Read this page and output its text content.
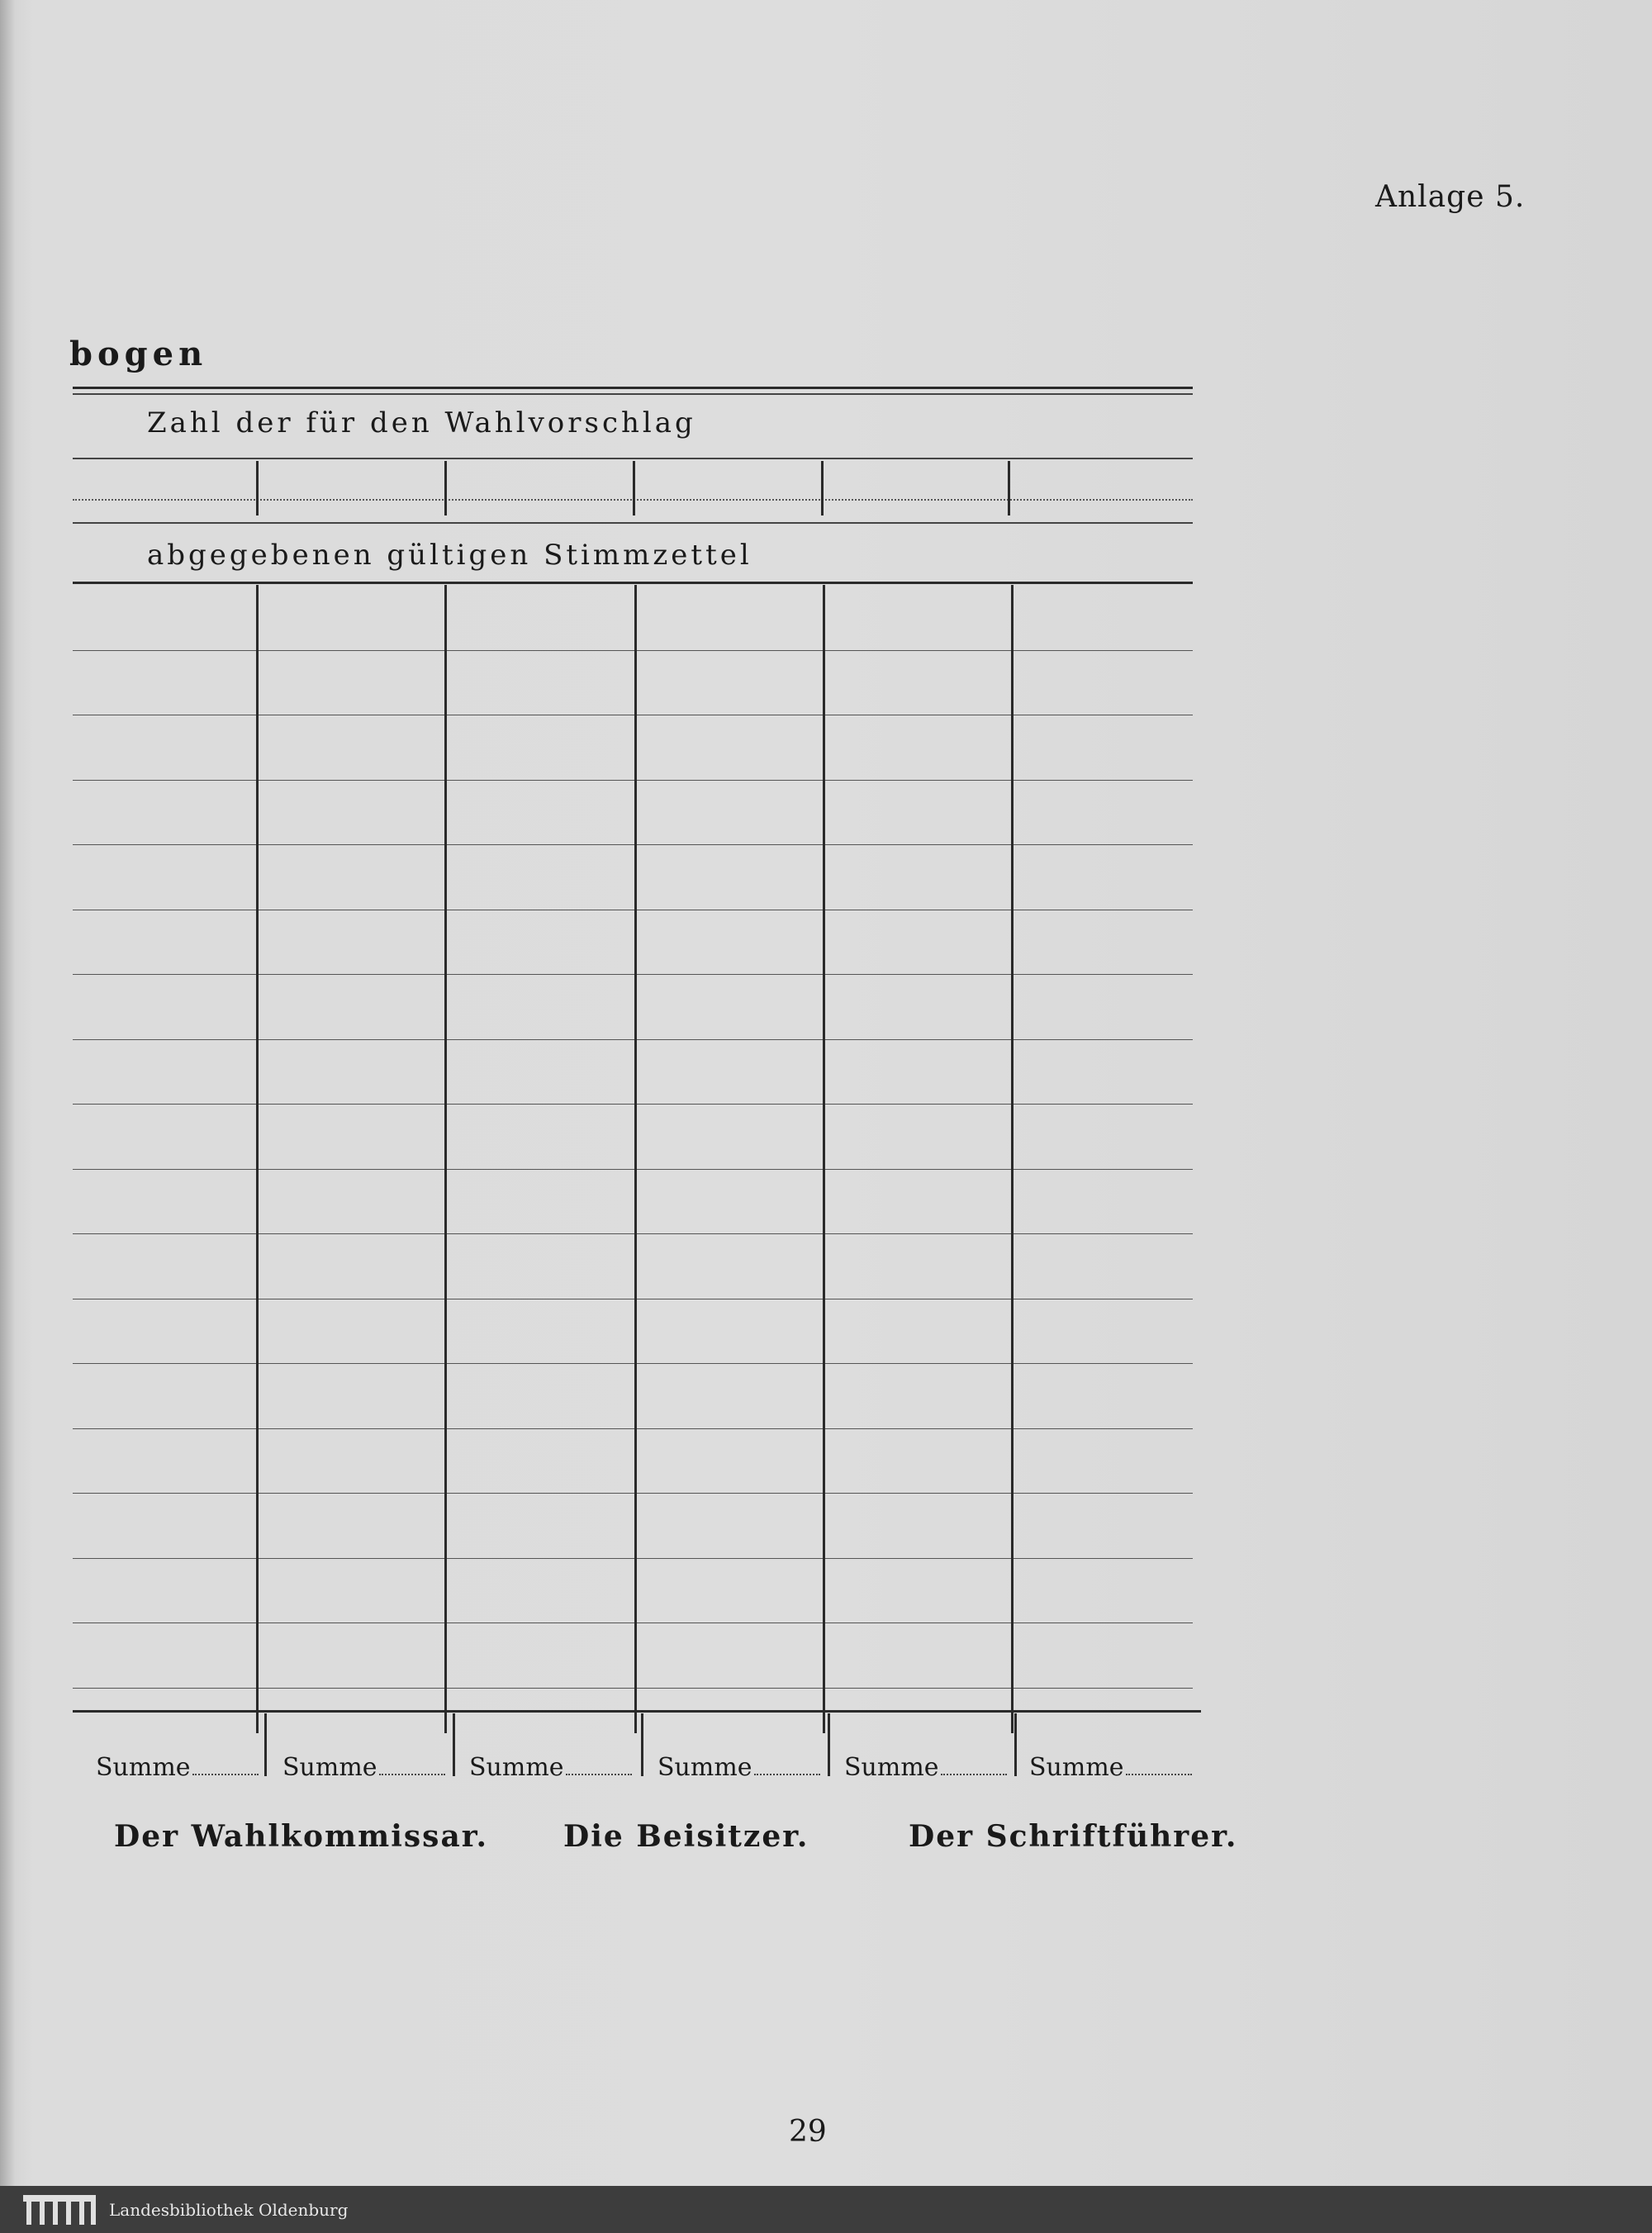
Anlage 5.
bogen
Zahl der für den Wahlvorschlag
abgegebenen gültigen Stimmzettel
Summe	Summe	Summe	Summe	Summe	Summe
Der Wahlkommissar.	Die Beisitzer.	Der Schriftführer.
29
Landesbibliothek Oldenburg
